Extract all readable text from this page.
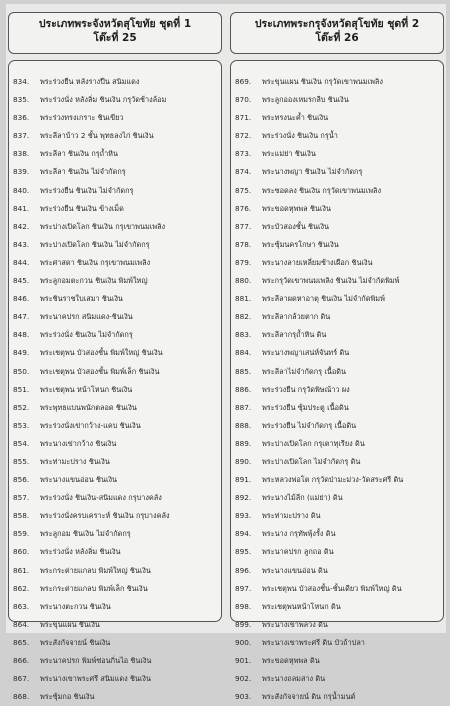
ประเภทพระจังหวัดสุโขทัย ชุดที่ 1
โต๊ะที่ 25
834. พระร่วงยืน หลังรางปืน สนิมแดง
835. พระร่วงนั่ง หลังลิ่ม ชินเงิน กรุวัดช้างล้อม
836. พระร่วงทรงเกราะ ชินเขียว
837. พระลีลาบ้าว 2 ชั้น พุทธลงไก่ ชินเงิน
838. พระลีลา ชินเงิน กรุถ้ำหิน
839. พระลีลา ชินเงิน ไม่จำกัดกรุ
840. พระร่วงยืน ชินเงิน ไม่จำกัดกรุ
841. พระร่วงยืน ชินเงิน ข้างเม็ด
842. พระปางเปิดโลก ชินเงิน กรุเขาพนมเพลิง
843. พระปางเปิดโลก ชินเงิน ไม่จำกัดกรุ
844. พระศาสดา ชินเงิน กรุเขาพนมเพลิง
845. พระลูกอมตะกวน ชินเงิน พิมพ์ใหญ่
846. พระชินราชใบเสมา ชินเงิน
847. พระนาคปรก สนิมแดง-ชินเงิน
848. พระร่วงนั่ง ชินเงิน ไม่จำกัดกรุ
849. พระเชตุพน บัวสองชั้น พิมพ์ใหญ่ ชินเงิน
850. พระเชตุพน บัวสองชั้น พิมพ์เล็ก ชินเงิน
851. พระเชตุพน หน้าโหนก ชินเงิน
852. พระพุทธแบนพนักตลอด ชินเงิน
853. พระร่วงนั่งเข่ากว้าง-แคบ ชินเงิน
854. พระนางเข่ากว้าง ชินเงิน
855. พระท่ามะปราง ชินเงิน
856. พระนางแขนอ่อน ชินเงิน
857. พระร่วงนั่ง ชินเงิน-สนิมแดง กรุบางคลัง
858. พระร่วงนั่งครบเคราะห์ ชินเงิน กรุบางคลัง
859. พระลูกอม ชินเงิน ไม่จำกัดกรุ
860. พระร่วงนั่ง หลังลิ่ม ชินเงิน
861. พระกระต่ายแกลบ พิมพ์ใหญ่ ชินเงิน
862. พระกระต่ายแกลบ พิมพ์เล็ก ชินเงิน
863. พระนางตะกวน ชินเงิน
864. พระขุนแผน ชินเงิน
865. พระสังกัจจายน์ ชินเงิน
866. พระนาคปรก พิมพ์ซ่อนกิ่นไอ ชินเงิน
867. พระนางเขาพระศรี สนิมแดง ชินเงิน
868. พระซุ้มกอ ชินเงิน
ประเภทพระกรุจังหวัดสุโขทัย ชุดที่ 2
โต๊ะที่ 26
869. พระขุนแผน ชินเงิน กรุวัดเขาพนมเพลิง
870. พระลูกอองเหมรกลีบ ชินเงิน
871. พระทรงนะค้ำ ชินเงิน
872. พระร่วงนั่ง ชินเงิน กรุน้ำ
873. พระแม่ย่า ชินเงิน
874. พระนางพญา ชินเงิน ไม่จำกัดกรุ
875. พระซอดลง ชินเงิน กรุวัดเขาพนมเพลิง
876. พระขอดหุพพล ชินเงิน
877. พระบัวสองชั้น ชินเงิน
878. พระซุ้มนครโกษา ชินเงิน
879. พระนางลายเหลี่ยมช้างเผือก ชินเงิน
880. พระกรุวัดเขาพนมเพลิง ชินเงิน ไม่จำกัดพิมพ์
881. พระลีลาผดหาอาตุ ชินเงิน ไม่จำกัดพิมพ์
882. พระลีลากล้วยตาก ดิน
883. พระลีลากรุถ้ำหิน ดิน
884. พระนางพญาเสน่ห์จันทร์ ดิน
885. พระลีลาไม่จำกัดกรุ เนื้อดิน
886. พระร่วงยืน กรุวัดพิษณ้าว ผง
887. พระร่วงยืน ซุ้มประตู เนื้อดิน
888. พระร่วงยืน ไม่จำกัดกรุ เนื้อดิน
889. พระปางเปิดโลก กรุเตาทุเรียง ดิน
890. พระปางเปิดโลก ไม่จำกัดกรุ ดิน
891. พระหลวงพ่อโต กรุวัดป่ามะม่วง-วัดสระศรี ดิน
892. พระนางไม้ลีก (แม่ย่า) ดิน
893. พระท่ามะปราง ดิน
894. พระนาง กรุทัพพุ้งรั้ง ดิน
895. พระนาคปรก ลูกถอ ดิน
896. พระนางแขนอ่อน ดิน
897. พระเชตุพน บัวสองชั้น-ชั้นเดียว พิมพ์ใหญ่ ดิน
898. พระเชตุพนหน้าโหนก ดิน
899. พระนางเขาพลวง ดิน
900. พระนางเขาพระศรี ดิน บัวถ้าปลา
901. พระขอดหุพพล ดิน
902. พระนางถลมสาง ดิน
903. พระสังกัจจายน์ ดิน กรุน้ำมนต์
